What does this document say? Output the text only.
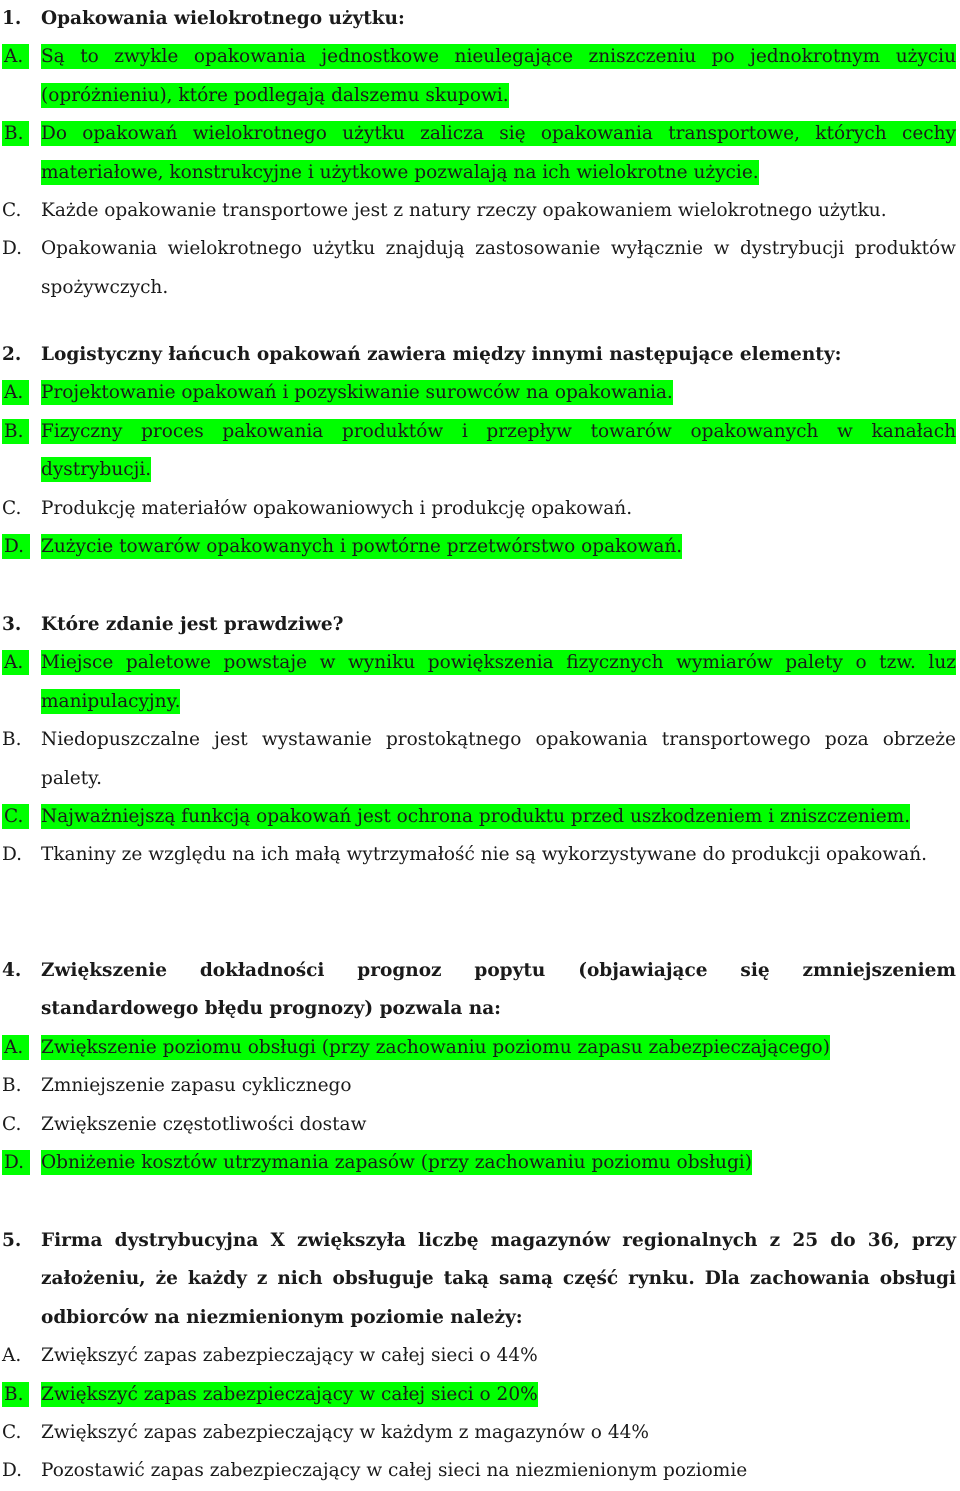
1.	Opakowania wielokrotnego użytku:
A. Są to zwykle opakowania jednostkowe nieulegające zniszczeniu po jednokrotnym użyciu (opróżnieniu), które podlegają dalszemu skupowi.
B. Do opakowań wielokrotnego użytku zalicza się opakowania transportowe, których cechy materiałowe, konstrukcyjne i użytkowe pozwalają na ich wielokrotne użycie.
C.	Każde opakowanie transportowe jest z natury rzeczy opakowaniem wielokrotnego użytku.
D.	Opakowania wielokrotnego użytku znajdują zastosowanie wyłącznie w dystrybucji produktów spożywczych.
2.	Logistyczny łańcuch opakowań zawiera między innymi następujące elementy:
A. Projektowanie opakowań i pozyskiwanie surowców na opakowania.
B. Fizyczny proces pakowania produktów i przepływ towarów opakowanych w kanałach dystrybucji.
C.	Produkcję materiałów opakowaniowych i produkcję opakowań.
D. Zużycie towarów opakowanych i powtórne przetwórstwo opakowań.
3.	Które zdanie jest prawdziwe?
A. Miejsce paletowe powstaje w wyniku powiększenia fizycznych wymiarów palety o tzw. luz manipulacyjny.
B.	Niedopuszczalne jest wystawanie prostokątnego opakowania transportowego poza obrzeże palety.
C. Najważniejszą funkcją opakowań jest ochrona produktu przed uszkodzeniem i zniszczeniem.
D.	Tkaniny ze względu na ich małą wytrzymałość nie są wykorzystywane do produkcji opakowań.
4.	Zwiększenie dokładności prognoz popytu (objawiające się zmniejszeniem standardowego błędu prognozy) pozwala na:
A. Zwiększenie poziomu obsługi (przy zachowaniu poziomu zapasu zabezpieczającego)
B.	Zmniejszenie zapasu cyklicznego
C.	Zwiększenie częstotliwości dostaw
D. Obniżenie kosztów utrzymania zapasów (przy zachowaniu poziomu obsługi)
5.	Firma dystrybucyjna X zwiększyła liczbę magazynów regionalnych z 25 do 36, przy założeniu, że każdy z nich obsługuje taką samą część rynku. Dla zachowania obsługi odbiorców na niezmienionym poziomie należy:
A.	Zwiększyć zapas zabezpieczający w całej sieci o 44%
B. Zwiększyć zapas zabezpieczający w całej sieci o 20%
C.	Zwiększyć zapas zabezpieczający w każdym z magazynów o 44%
D.	Pozostawić zapas zabezpieczający w całej sieci na niezmienionym poziomie
